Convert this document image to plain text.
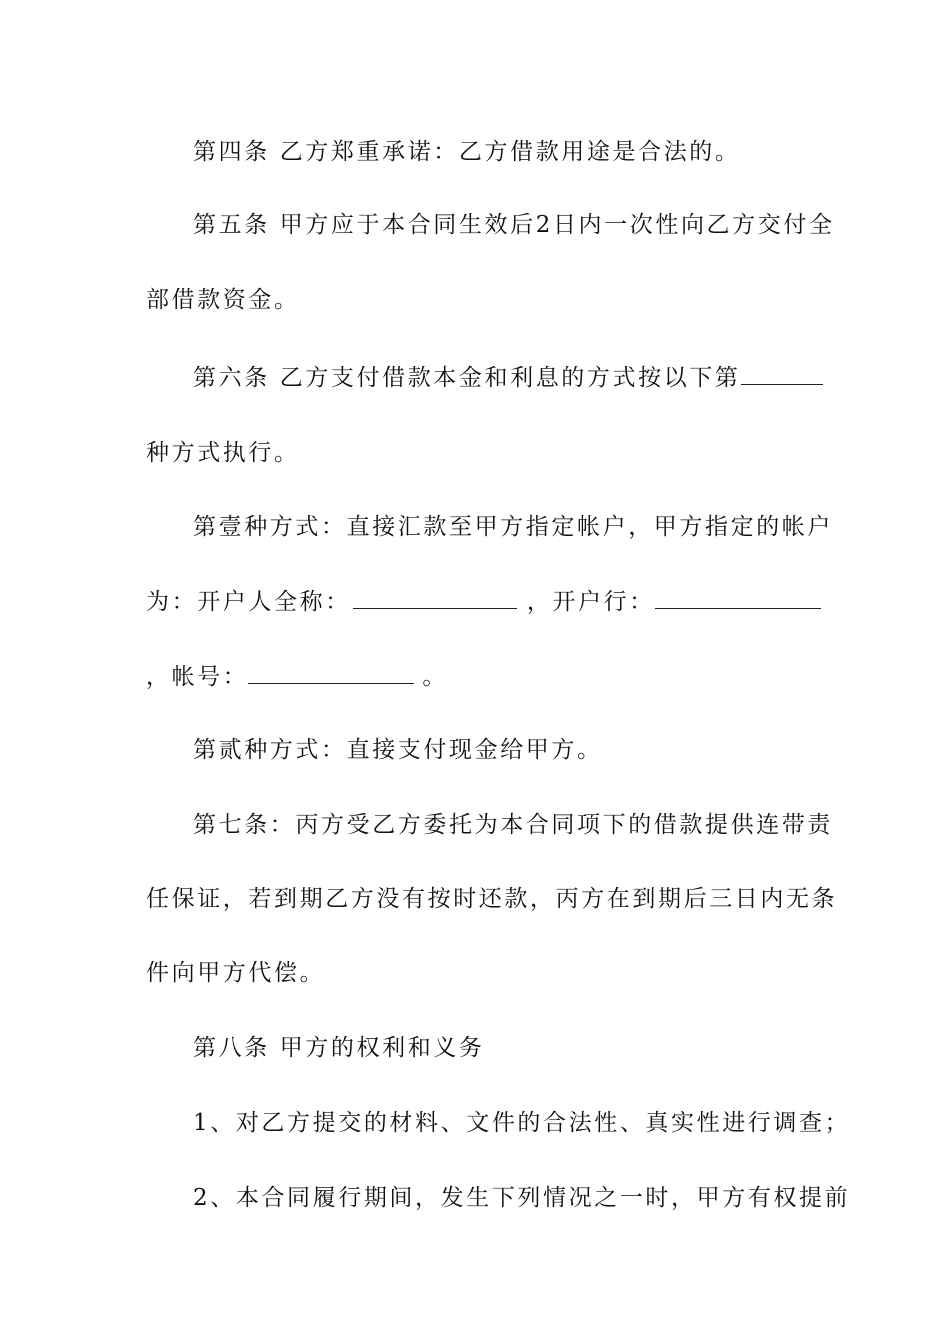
第四条 乙方郑重承诺：乙方借款用途是合法的。
第五条 甲方应于本合同生效后2日内一次性向乙方交付全
部借款资金。
第六条 乙方支付借款本金和利息的方式按以下第
种方式执行。
第壹种方式：直接汇款至甲方指定帐户，甲方指定的帐户
为：开户人全称：	，开户行：
，帐号：	。
第贰种方式：直接支付现金给甲方。
第七条：丙方受乙方委托为本合同项下的借款提供连带责
任保证，若到期乙方没有按时还款，丙方在到期后三日内无条
件向甲方代偿。
第八条 甲方的权利和义务
1、对乙方提交的材料、文件的合法性、真实性进行调查；
2、本合同履行期间，发生下列情况之一时，甲方有权提前
